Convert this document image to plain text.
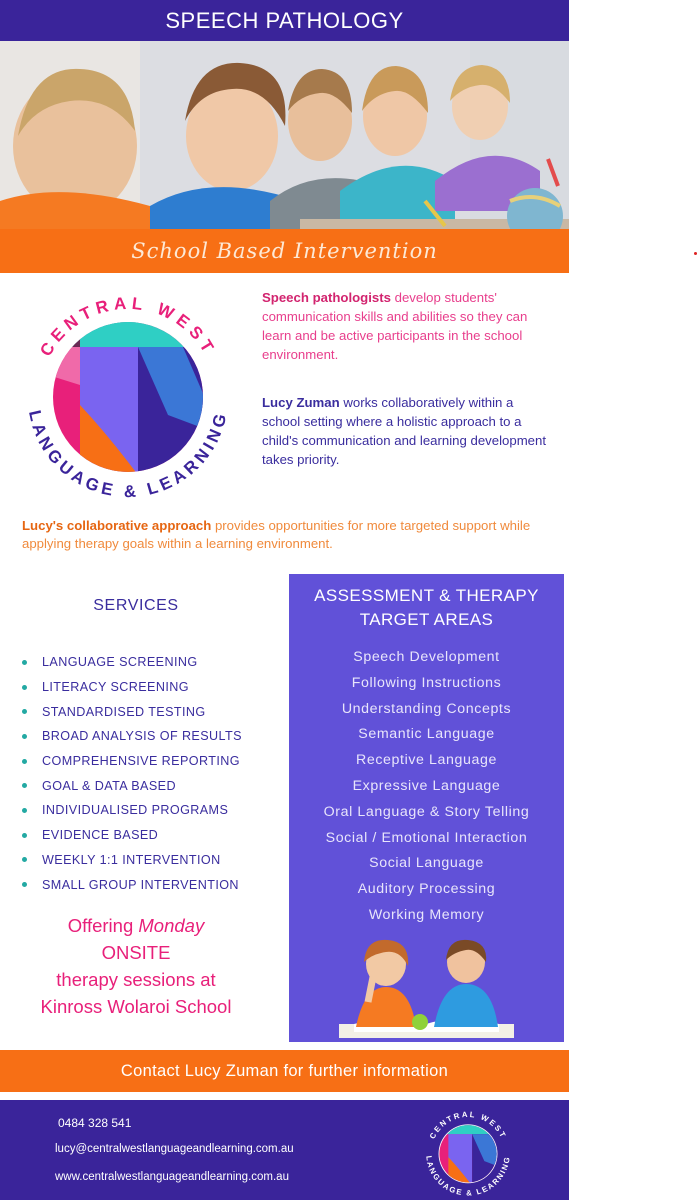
SPEECH PATHOLOGY
School Based Intervention
CENTRAL WEST
LANGUAGE & LEARNING
Speech pathologists develop students' communication skills and abilities so they can learn and be active participants in the school environment.
Lucy Zuman works collaboratively within a school setting where a holistic approach to a child's communication and learning development takes priority.
Lucy's collaborative approach provides opportunities for more targeted support while applying therapy goals within a learning environment.
SERVICES
LANGUAGE SCREENING
LITERACY SCREENING
STANDARDISED TESTING
BROAD ANALYSIS OF RESULTS
COMPREHENSIVE REPORTING
GOAL & DATA BASED
INDIVIDUALISED PROGRAMS
EVIDENCE BASED
WEEKLY 1:1 INTERVENTION
SMALL GROUP INTERVENTION
Offering Monday
ONSITE
therapy sessions at
Kinross Wolaroi School
ASSESSMENT & THERAPY
TARGET AREAS
Speech Development
Following Instructions
Understanding Concepts
Semantic Language
Receptive Language
Expressive Language
Oral Language & Story Telling
Social / Emotional Interaction
Social Language
Auditory Processing
Working Memory
Contact Lucy Zuman for further information
0484 328 541
lucy@centralwestlanguageandlearning.com.au
www.centralwestlanguageandlearning.com.au
CENTRAL WEST
LANGUAGE & LEARNING
